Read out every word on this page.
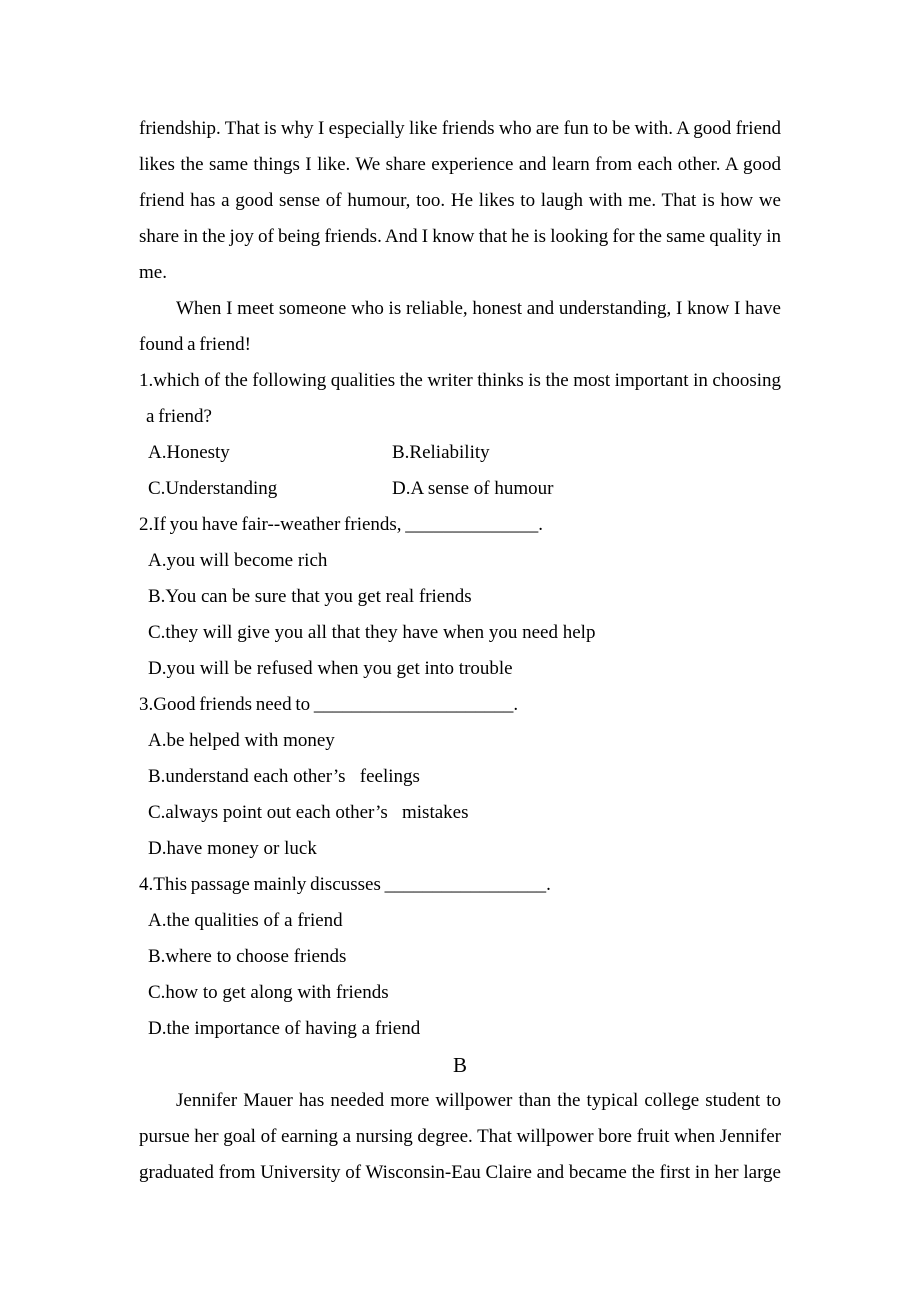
friendship. That is why I especially like friends who are fun to be with. A good friend likes the same things I like. We share experience and learn from each other. A good friend has a good sense of humour, too. He likes to laugh with me. That is how we share in the joy of being friends. And I know that he is looking for the same quality in me.

When I meet someone who is reliable, honest and understanding, I know I have found a friend!

1.which of the following qualities the writer thinks is the most important in choosing a friend?

A.Honesty	B.Reliability
C.Understanding	D.A sense of humour

2.If you have fair--weather friends, ______________.

A.you will become rich

B.You can be sure that you get real friends

C.they will give you all that they have when you need help

D.you will be refused when you get into trouble

3.Good friends need to _____________________.

A.be helped with money

B.understand each other’s   feelings

C.always point out each other’s   mistakes

D.have money or luck

4.This passage mainly discusses _________________.

A.the qualities of a friend

B.where to choose friends

C.how to get along with friends

D.the importance of having a friend

B

Jennifer Mauer has needed more willpower than the typical college student to pursue her goal of earning a nursing degree. That willpower bore fruit when Jennifer graduated from University of Wisconsin-Eau Claire and became the first in her large
